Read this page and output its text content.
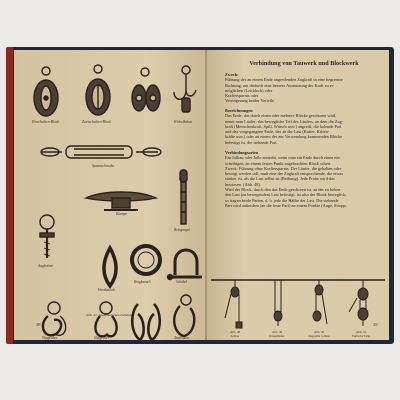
Einscheiben-Block	Zweischeiben-Block	Wirbelhaken
Spannschraube
Klampe
Belegnagel
Augbolzen
Herzkausch
Ringkausch	Schäkel
Slipgräber	Slipgräber	Taufhaken
Abb. 47. Seemännisches Zubehör
38
Verbindung von Tauwerk und Blockwerk
Zweck:
Führung der an einem Ende angreifenden Zugkraft in eine begrenzte
Richtung, um dadurch eine bessere Ausnutzung der Kraft zu er-
möglichen (Leitblock) oder
Kraftersparnis oder
Verringerung beider Vorteile.
Bezeichnungen
Das Ende, das durch einen oder mehrere Blöcke geschoren wird,
nennt man Läufer; das bewegliche Teil des Läufers, an dem die Zug-
kraft (Menschenkraft, Spill, Winsch usw.) angreift, die holende Part
und das vorgegangene Ende, das an der Last (Kutter, Kriten-
kräfte usw.) oder an einem der zur Verwendung kommenden Blöcke
befestigt ist, die stehende Part.
Verbindungsarten
Ein Jolltau oder Jolle entsteht, wenn man ein Ende durch einen ein-
scheibigen, an einem festen Punkt angebrachten Block schert.
Zweck: Führung ohne Kraftersparnis. Der Läufer, die gehalten oder
bewegt werden soll, muß eine der Zugkraft entsprechende, die etwas
stärker ist, als die Last selbst ist (Reibung). Jede Probe wird das
bewiesen. (Abb. 48).
Wird der Block, durch den das Ende geschoren ist, an der zu heben-
den Last (zu bewegenden) Last befestigt, ist also der Block beweglich,
so tragen beide Parten, d. h. jede die Hälfte der Last. Die stehende
Part wird außerdem (an die feste Part) an einem Punkte (Auge, Stropp,
Abb. 48
Jolltau
Abb. 49
Klappläufer
Abb. 50
Doppelte Jolltau
Abb. 51
Einfache Talje
39
